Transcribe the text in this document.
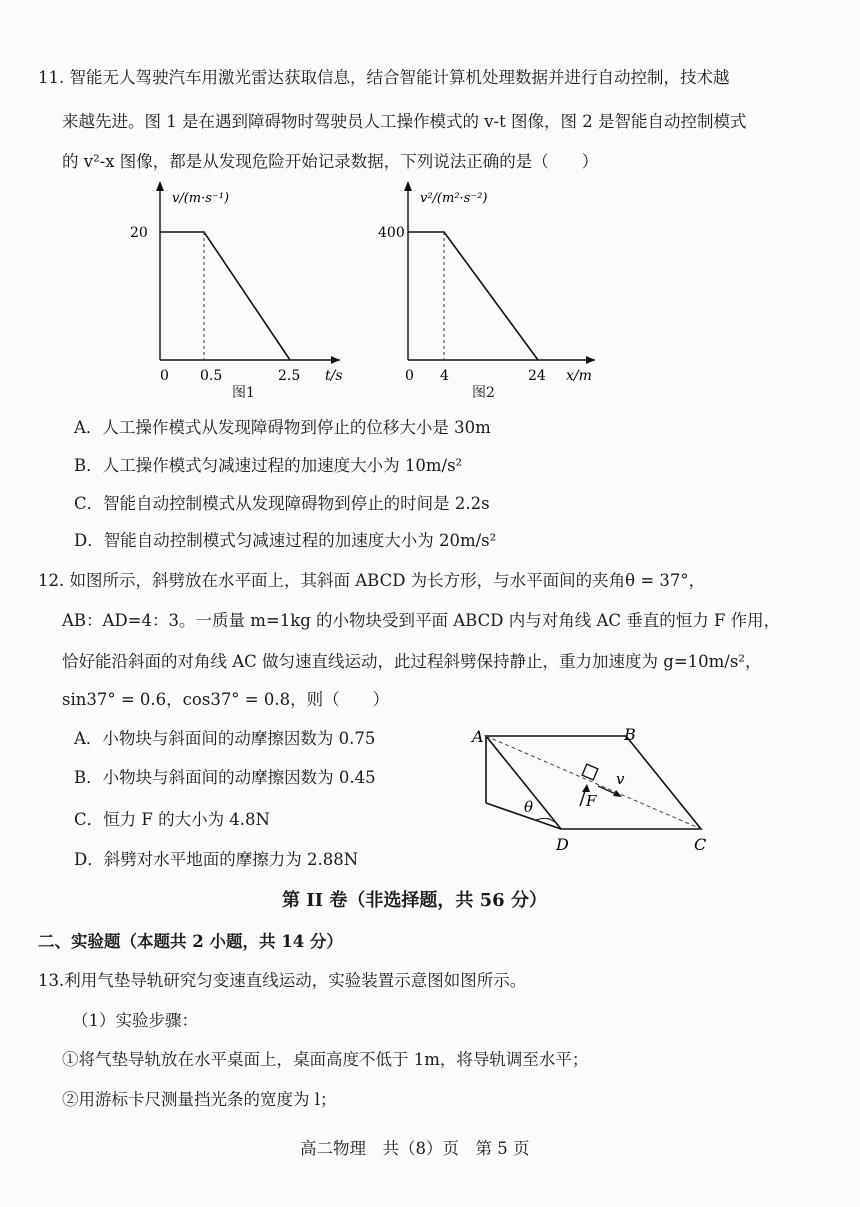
11. 智能无人驾驶汽车用激光雷达获取信息，结合智能计算机处理数据并进行自动控制，技术越
来越先进。图 1 是在遇到障碍物时驾驶员人工操作模式的 v-t 图像，图 2 是智能自动控制模式
的 v²-x 图像，都是从发现危险开始记录数据，下列说法正确的是（　　）
v/(m·s⁻¹)
20
0 0.5	2.5 t/s
图1
v²/(m²·s⁻²)
400
0 4	24 x/m
图2
A．人工操作模式从发现障碍物到停止的位移大小是 30m
B．人工操作模式匀减速过程的加速度大小为 10m/s²
C．智能自动控制模式从发现障碍物到停止的时间是 2.2s
D．智能自动控制模式匀减速过程的加速度大小为 20m/s²
12. 如图所示，斜劈放在水平面上，其斜面 ABCD 为长方形，与水平面间的夹角θ = 37°，
AB：AD=4：3。一质量 m=1kg 的小物块受到平面 ABCD 内与对角线 AC 垂直的恒力 F 作用，
恰好能沿斜面的对角线 AC 做匀速直线运动，此过程斜劈保持静止，重力加速度为 g=10m/s²，
sin37° = 0.6，cos37° = 0.8，则（　　）
A．小物块与斜面间的动摩擦因数为 0.75
B．小物块与斜面间的动摩擦因数为 0.45
C．恒力 F 的大小为 4.8N
D．斜劈对水平地面的摩擦力为 2.88N
A	B
C
D
θ	F
v
第 II 卷（非选择题，共 56 分）
二、实验题（本题共 2 小题，共 14 分）
13.利用气垫导轨研究匀变速直线运动，实验装置示意图如图所示。
（1）实验步骤：
①将气垫导轨放在水平桌面上，桌面高度不低于 1m，将导轨调至水平；
②用游标卡尺测量挡光条的宽度为 l；
高二物理　共（8）页　第 5 页
